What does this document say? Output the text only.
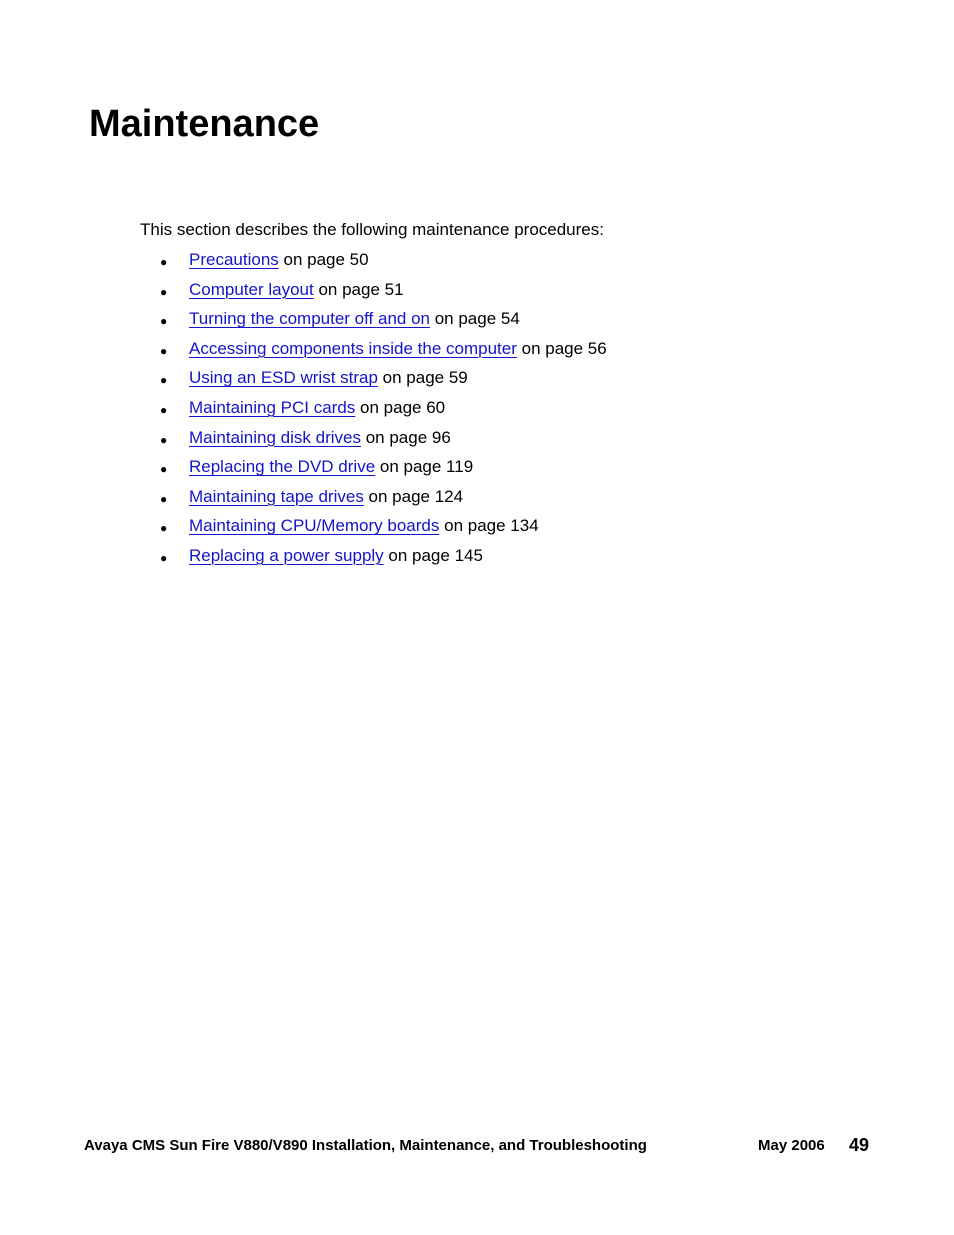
Maintenance

This section describes the following maintenance procedures:

●	Precautions on page 50
●	Computer layout on page 51
●	Turning the computer off and on on page 54
●	Accessing components inside the computer on page 56
●	Using an ESD wrist strap on page 59
●	Maintaining PCI cards on page 60
●	Maintaining disk drives on page 96
●	Replacing the DVD drive on page 119
●	Maintaining tape drives on page 124
●	Maintaining CPU/Memory boards on page 134
●	Replacing a power supply on page 145
Avaya CMS Sun Fire V880/V890 Installation, Maintenance, and Troubleshooting	May 2006 49
